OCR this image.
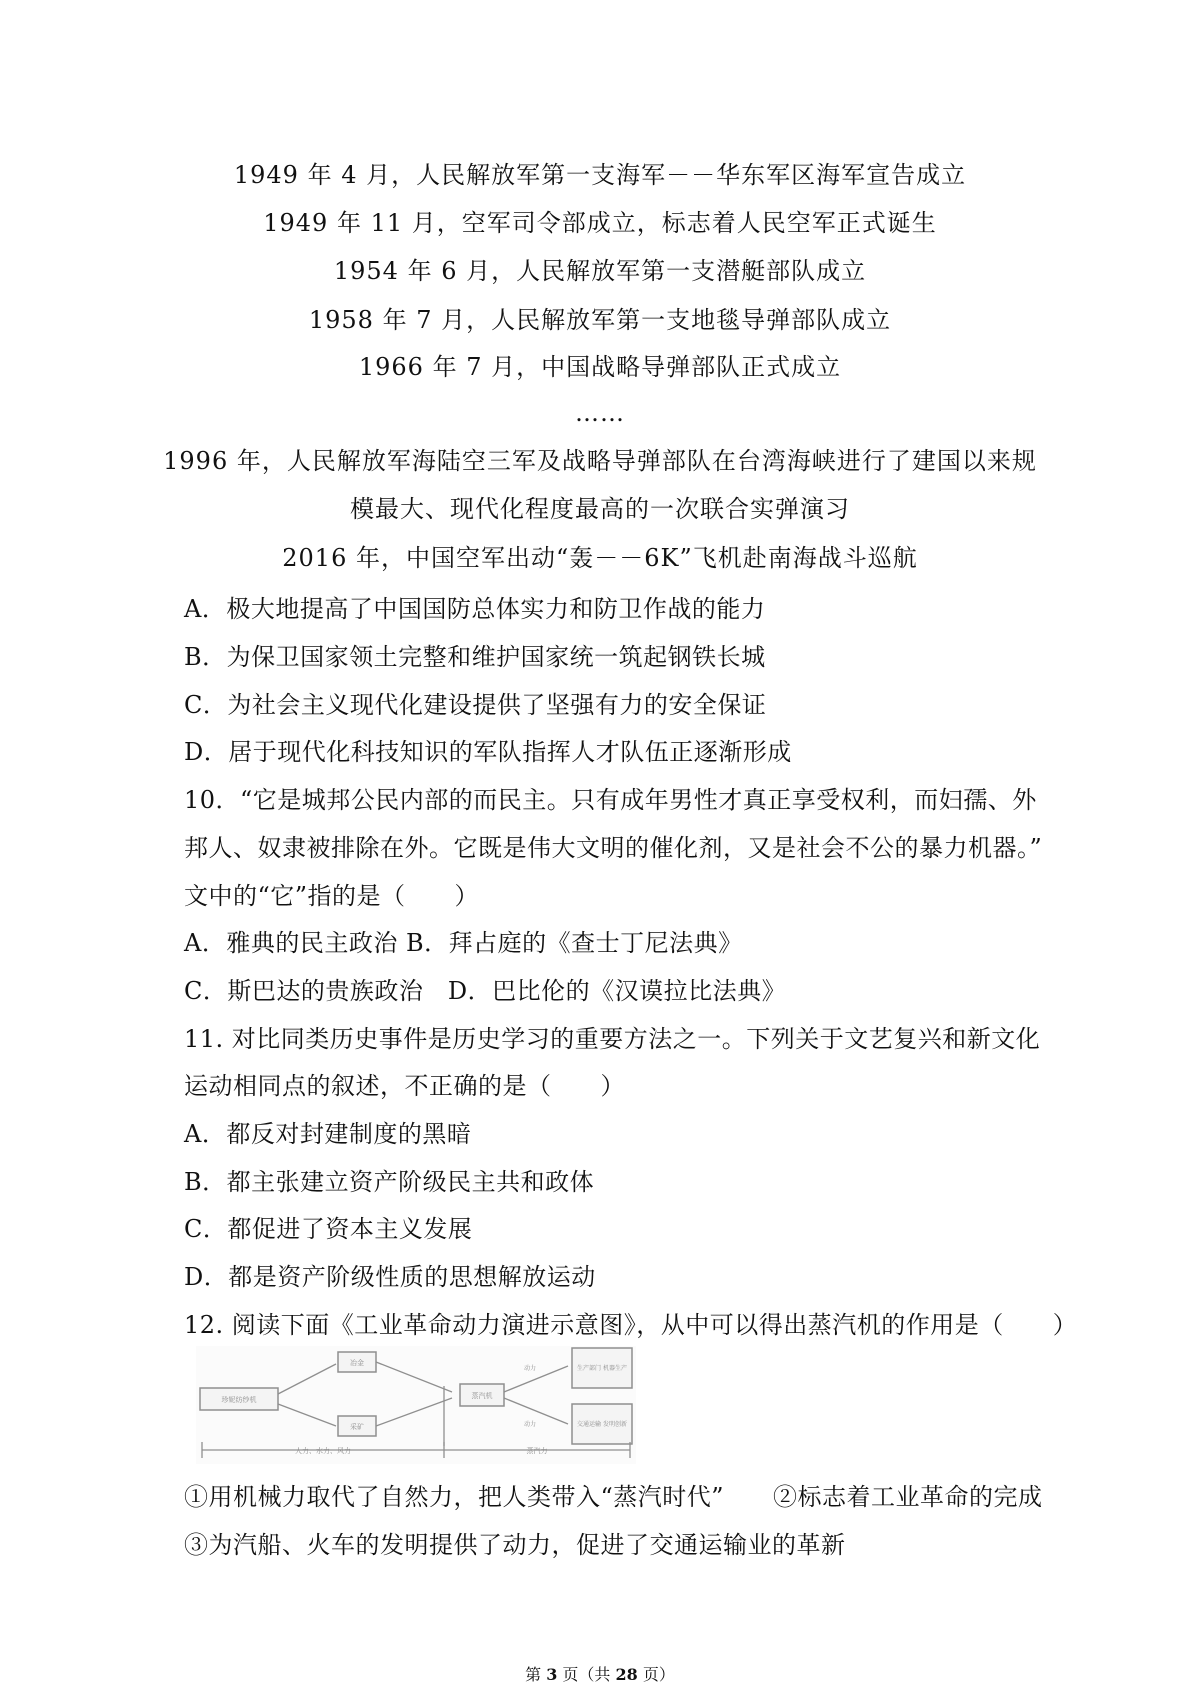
1949 年 4 月，人民解放军第一支海军－－华东军区海军宣告成立
1949 年 11 月，空军司令部成立，标志着人民空军正式诞生
1954 年 6 月，人民解放军第一支潜艇部队成立
1958 年 7 月，人民解放军第一支地毯导弹部队成立
1966 年 7 月，中国战略导弹部队正式成立
……
1996 年，人民解放军海陆空三军及战略导弹部队在台湾海峡进行了建国以来规
模最大、现代化程度最高的一次联合实弹演习
2016 年，中国空军出动“轰－－6K”飞机赴南海战斗巡航
A．极大地提高了中国国防总体实力和防卫作战的能力
B．为保卫国家领土完整和维护国家统一筑起钢铁长城
C．为社会主义现代化建设提供了坚强有力的安全保证
D．居于现代化科技知识的军队指挥人才队伍正逐渐形成
10．“它是城邦公民内部的而民主。只有成年男性才真正享受权利，而妇孺、外
邦人、奴隶被排除在外。它既是伟大文明的催化剂，又是社会不公的暴力机器。”
文中的“它”指的是（　　）
A．雅典的民主政治 B．拜占庭的《查士丁尼法典》
C．斯巴达的贵族政治　D．巴比伦的《汉谟拉比法典》
11. 对比同类历史事件是历史学习的重要方法之一。下列关于文艺复兴和新文化
运动相同点的叙述，不正确的是（　　）
A．都反对封建制度的黑暗
B．都主张建立资产阶级民主共和政体
C．都促进了资本主义发展
D．都是资产阶级性质的思想解放运动
12. 阅读下面《工业革命动力演进示意图》，从中可以得出蒸汽机的作用是（　　）
珍妮纺纱机
冶金
采矿
蒸汽机
生产部门 机器生产
交通运输 发明创新
动力
动力
人力、水力、风力	蒸汽力
①用机械力取代了自然力，把人类带入“蒸汽时代”　　②标志着工业革命的完成
③为汽船、火车的发明提供了动力，促进了交通运输业的革新
第 3 页（共 28 页）
